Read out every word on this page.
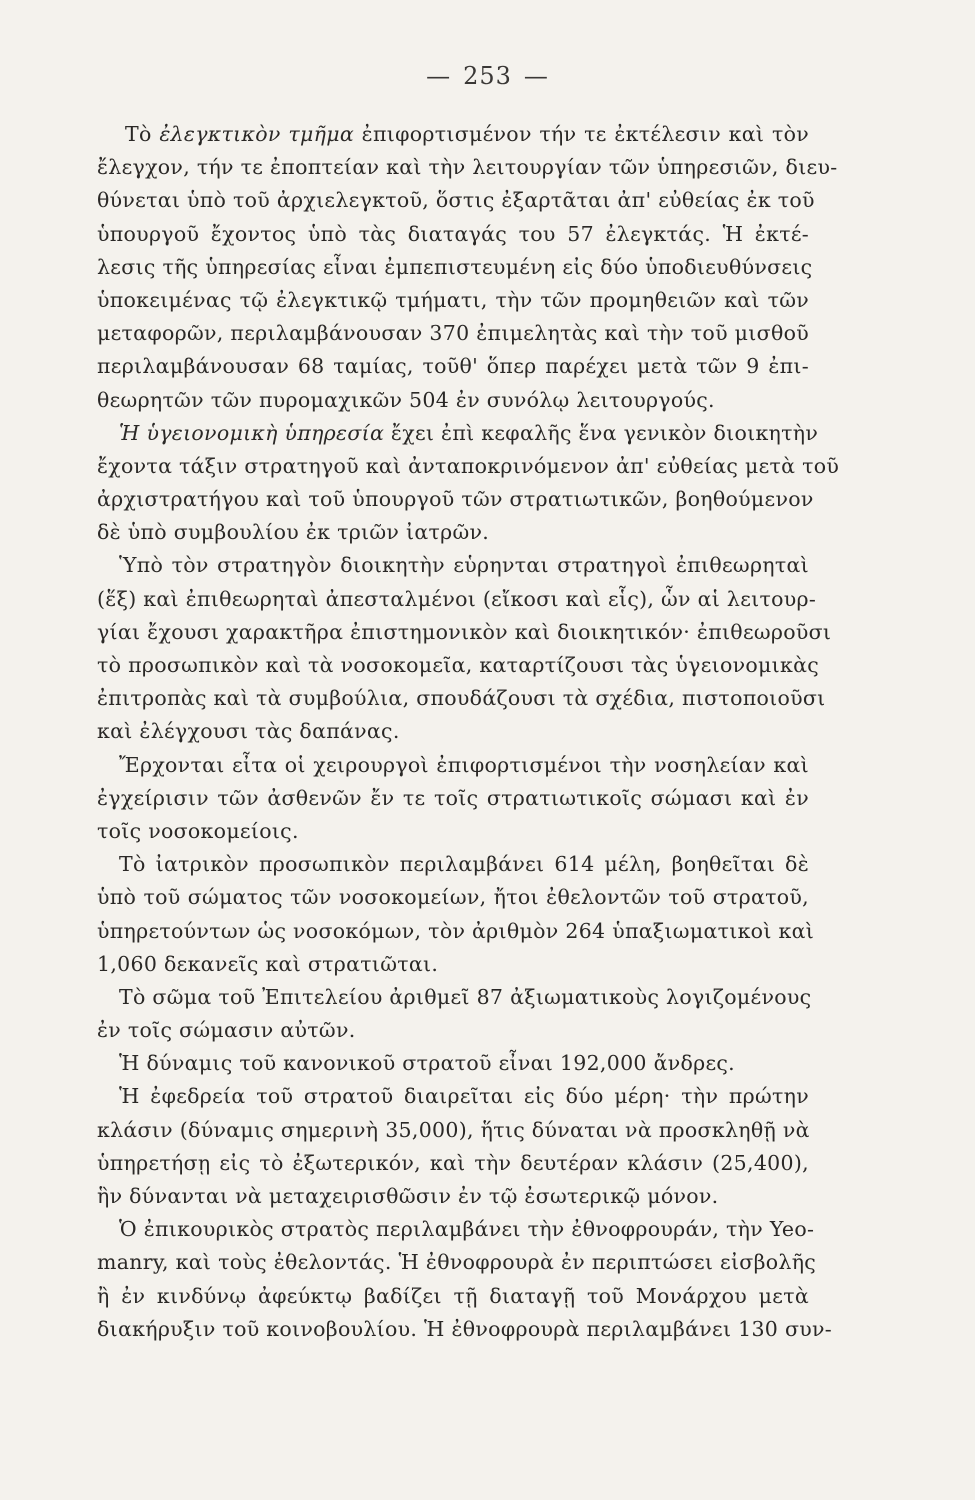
— 253 —
Τὸ ἐλεγκτικὸν τμῆμα ἐπιφορτισμένον τήν τε ἐκτέλεσιν καὶ τὸν
ἔλεγχον, τήν τε ἐποπτείαν καὶ τὴν λειτουργίαν τῶν ὑπηρεσιῶν, διευ-
θύνεται ὑπὸ τοῦ ἀρχιελεγκτοῦ, ὅστις ἐξαρτᾶται ἀπ' εὐθείας ἐκ τοῦ
ὑπουργοῦ ἔχοντος ὑπὸ τὰς διαταγάς του 57 ἐλεγκτάς. Ἡ ἐκτέ-
λεσις τῆς ὑπηρεσίας εἶναι ἐμπεπιστευμένη εἰς δύο ὑποδιευθύνσεις
ὑποκειμένας τῷ ἐλεγκτικῷ τμήματι, τὴν τῶν προμηθειῶν καὶ τῶν
μεταφορῶν, περιλαμβάνουσαν 370 ἐπιμελητὰς καὶ τὴν τοῦ μισθοῦ
περιλαμβάνουσαν 68 ταμίας, τοῦθ' ὅπερ παρέχει μετὰ τῶν 9 ἐπι-
θεωρητῶν τῶν πυρομαχικῶν 504 ἐν συνόλῳ λειτουργούς.
Ἡ ὑγειονομικὴ ὑπηρεσία ἔχει ἐπὶ κεφαλῆς ἕνα γενικὸν διοικητὴν
ἔχοντα τάξιν στρατηγοῦ καὶ ἀνταποκρινόμενον ἀπ' εὐθείας μετὰ τοῦ
ἀρχιστρατήγου καὶ τοῦ ὑπουργοῦ τῶν στρατιωτικῶν, βοηθούμενον
δὲ ὑπὸ συμβουλίου ἐκ τριῶν ἰατρῶν.
Ὑπὸ τὸν στρατηγὸν διοικητὴν εὑρηνται στρατηγοὶ ἐπιθεωρηταὶ
(ἕξ) καὶ ἐπιθεωρηταὶ ἀπεσταλμένοι (εἴκοσι καὶ εἷς), ὧν αἱ λειτουρ-
γίαι ἔχουσι χαρακτῆρα ἐπιστημονικὸν καὶ διοικητικόν· ἐπιθεωροῦσι
τὸ προσωπικὸν καὶ τὰ νοσοκομεῖα, καταρτίζουσι τὰς ὑγειονομικὰς
ἐπιτροπὰς καὶ τὰ συμβούλια, σπουδάζουσι τὰ σχέδια, πιστοποιοῦσι
καὶ ἐλέγχουσι τὰς δαπάνας.
Ἔρχονται εἶτα οἱ χειρουργοὶ ἐπιφορτισμένοι τὴν νοσηλείαν καὶ
ἐγχείρισιν τῶν ἀσθενῶν ἔν τε τοῖς στρατιωτικοῖς σώμασι καὶ ἐν
τοῖς νοσοκομείοις.
Τὸ ἰατρικὸν προσωπικὸν περιλαμβάνει 614 μέλη, βοηθεῖται δὲ
ὑπὸ τοῦ σώματος τῶν νοσοκομείων, ἤτοι ἐθελοντῶν τοῦ στρατοῦ,
ὑπηρετούντων ὡς νοσοκόμων, τὸν ἀριθμὸν 264 ὑπαξιωματικοὶ καὶ
1,060 δεκανεῖς καὶ στρατιῶται.
Τὸ σῶμα τοῦ Ἐπιτελείου ἀριθμεῖ 87 ἀξιωματικοὺς λογιζομένους
ἐν τοῖς σώμασιν αὐτῶν.
Ἡ δύναμις τοῦ κανονικοῦ στρατοῦ εἶναι 192,000 ἄνδρες.
Ἡ ἐφεδρεία τοῦ στρατοῦ διαιρεῖται εἰς δύο μέρη· τὴν πρώτην
κλάσιν (δύναμις σημερινὴ 35,000), ἥτις δύναται νὰ προσκληθῇ νὰ
ὑπηρετήσῃ εἰς τὸ ἐξωτερικόν, καὶ τὴν δευτέραν κλάσιν (25,400),
ἣν δύνανται νὰ μεταχειρισθῶσιν ἐν τῷ ἐσωτερικῷ μόνον.
Ὁ ἐπικουρικὸς στρατὸς περιλαμβάνει τὴν ἐθνοφρουράν, τὴν Yeo-
manry, καὶ τοὺς ἐθελοντάς. Ἡ ἐθνοφρουρὰ ἐν περιπτώσει εἰσβολῆς
ἢ ἐν κινδύνῳ ἀφεύκτῳ βαδίζει τῇ διαταγῇ τοῦ Μονάρχου μετὰ
διακήρυξιν τοῦ κοινοβουλίου. Ἡ ἐθνοφρουρὰ περιλαμβάνει 130 συν-
